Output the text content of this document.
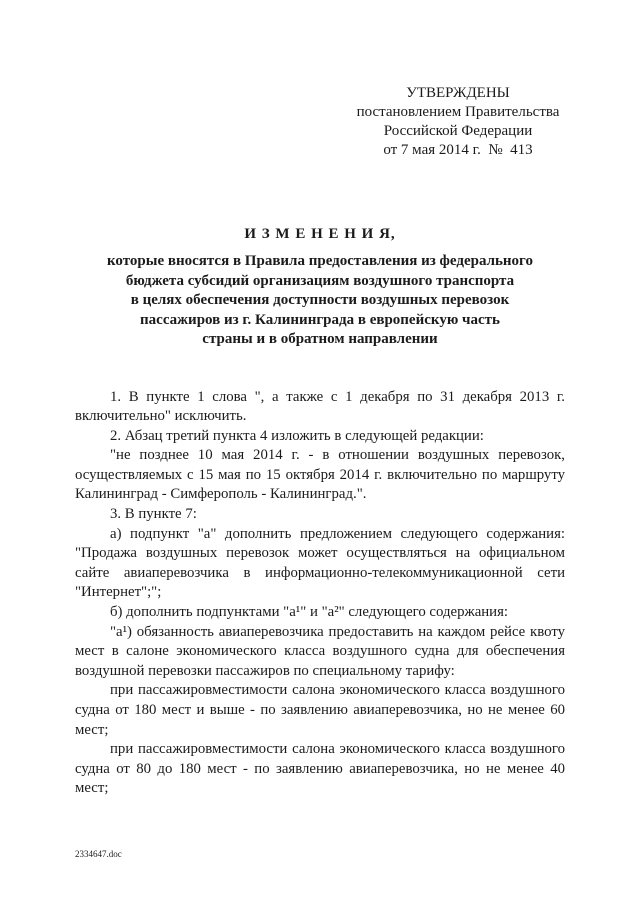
УТВЕРЖДЕНЫ
постановлением Правительства
Российской Федерации
от 7 мая 2014 г.  №  413
И З М Е Н Е Н И Я,
которые вносятся в Правила предоставления из федерального
бюджета субсидий организациям воздушного транспорта
в целях обеспечения доступности воздушных перевозок
пассажиров из г. Калининграда в европейскую часть
страны и в обратном направлении

1. В пункте 1 слова ", а также с 1 декабря по 31 декабря 2013 г. включительно" исключить.

2. Абзац третий пункта 4 изложить в следующей редакции:

"не позднее 10 мая 2014 г. - в отношении воздушных перевозок, осуществляемых с 15 мая по 15 октября 2014 г. включительно по маршруту Калининград - Симферополь - Калининград.".

3. В пункте 7:

а) подпункт "а" дополнить предложением следующего содержания: "Продажа воздушных перевозок может осуществляться на официальном сайте авиаперевозчика в информационно-телекоммуникационной сети "Интернет";";

б) дополнить подпунктами "а¹" и "а²" следующего содержания:

"а¹) обязанность авиаперевозчика предоставить на каждом рейсе квоту мест в салоне экономического класса воздушного судна для обеспечения воздушной перевозки пассажиров по специальному тарифу:

при пассажировместимости салона экономического класса воздушного судна от 180 мест и выше - по заявлению авиаперевозчика, но не менее 60 мест;

при пассажировместимости салона экономического класса воздушного судна от 80 до 180 мест - по заявлению авиаперевозчика, но не менее 40 мест;

2334647.doc
